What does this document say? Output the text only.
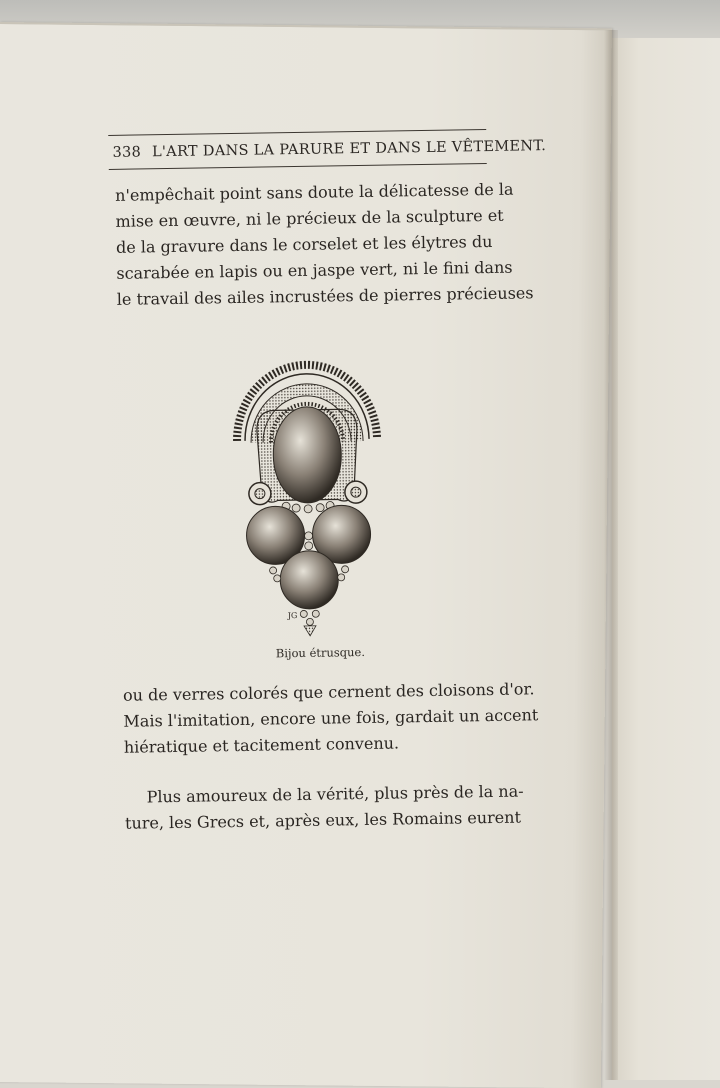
338 L'ART DANS LA PARURE ET DANS LE VÊTEMENT.
n'empêchait point sans doute la délicatesse de la
mise en œuvre, ni le précieux de la sculpture et
de la gravure dans le corselet et les élytres du
scarabée en lapis ou en jaspe vert, ni le fini dans
le travail des ailes incrustées de pierres précieuses
JG
Bijou étrusque.
ou de verres colorés que cernent des cloisons d'or.
Mais l'imitation, encore une fois, gardait un accent
hiératique et tacitement convenu.
Plus amoureux de la vérité, plus près de la na-
ture, les Grecs et, après eux, les Romains eurent
